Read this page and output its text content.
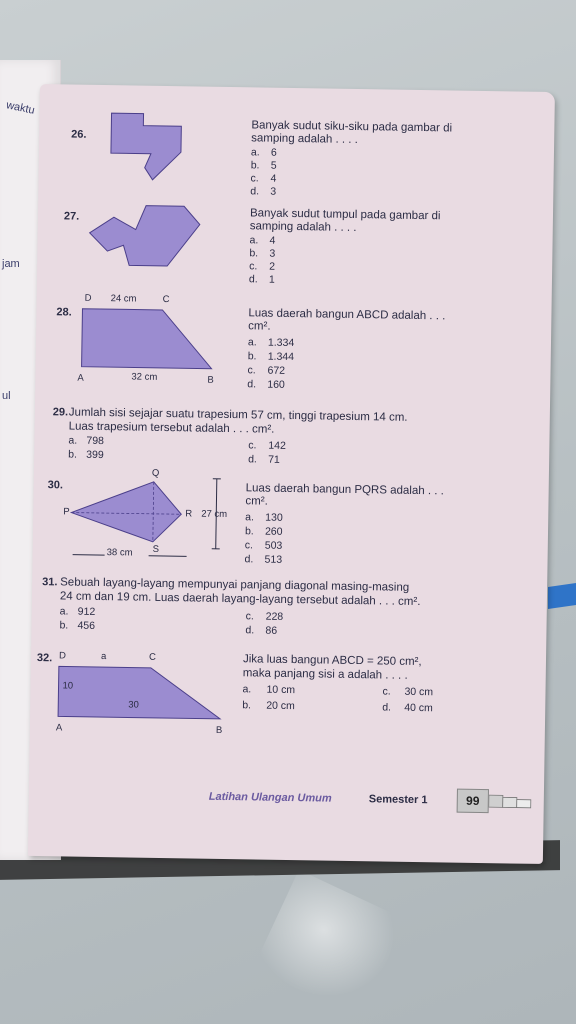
waktu
jam
ul
26.
Banyak sudut siku-siku pada gambar di
samping adalah . . . .
a. 6
b. 5
c. 4
d. 3
27.	Banyak sudut tumpul pada gambar di
samping adalah . . . .
a. 4
b. 3
c. 2
d. 1
28.
D 24 cm	C
A	32 cm	B
Luas daerah bangun ABCD adalah . . .
cm².
a. 1.334
b. 1.344
c. 672
d. 160
29. Jumlah sisi sejajar suatu trapesium 57 cm, tinggi trapesium 14 cm.
Luas trapesium tersebut adalah . . . cm².
a. 798
b. 399
c. 142
d. 71
30.
Q
P	R
S
27 cm
38 cm
Luas daerah bangun PQRS adalah . . .
cm².
a. 130
b. 260
c. 503
d. 513
31. Sebuah layang-layang mempunyai panjang diagonal masing-masing
24 cm dan 19 cm. Luas daerah layang-layang tersebut adalah . . . cm².
a. 912
b. 456
c. 228
d. 86
32. D	a	C
10
30
A	B
Jika luas bangun ABCD = 250 cm²,
maka panjang sisi a adalah . . . .
a. 10 cm
b. 20 cm
c. 30 cm
d. 40 cm
Latihan Ulangan Umum	Semester 1	99
